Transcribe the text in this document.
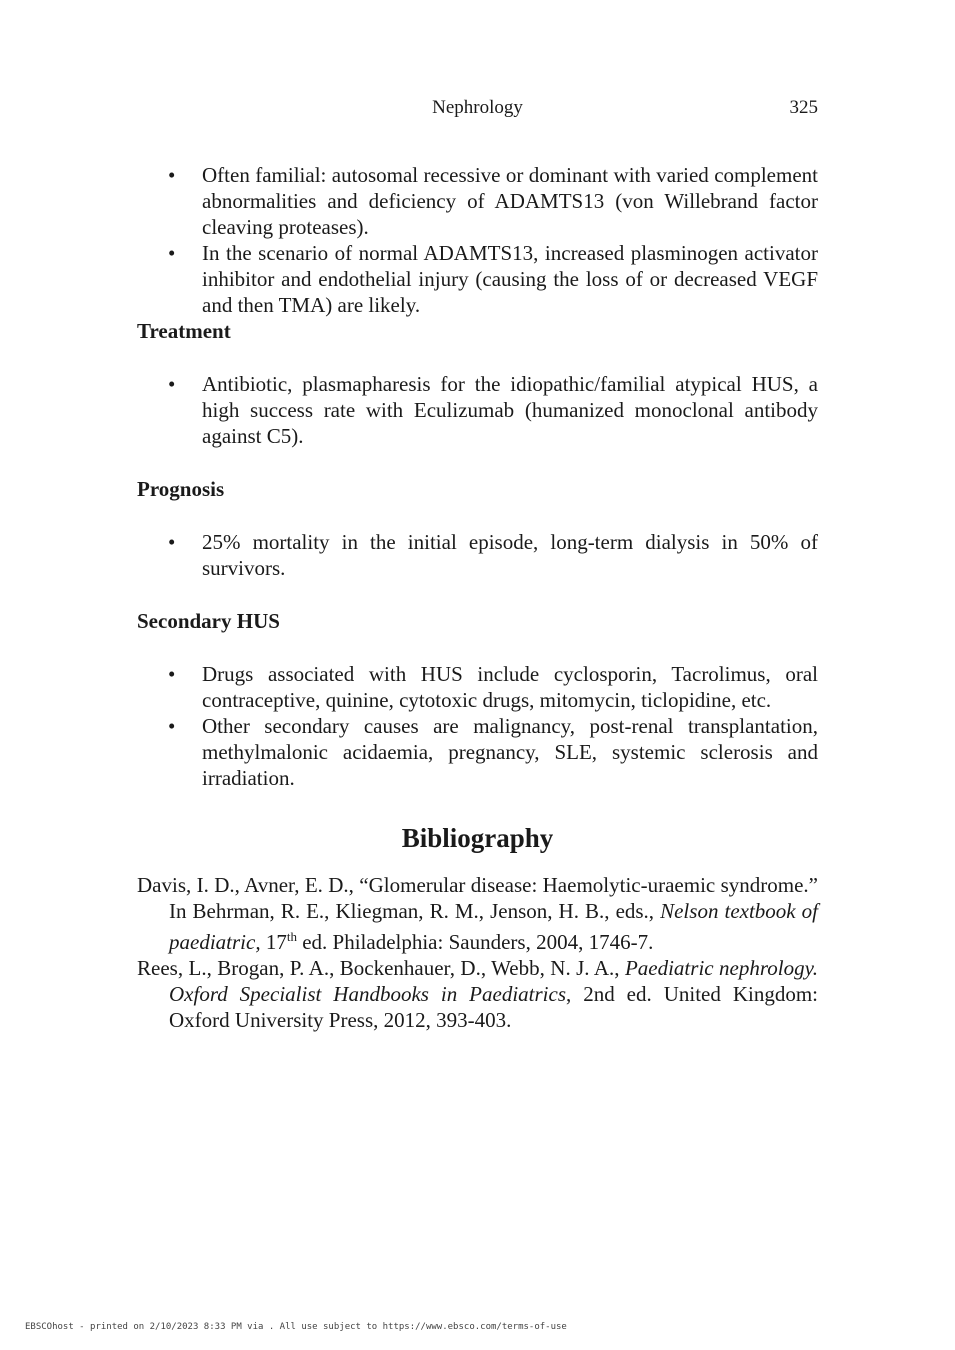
Nephrology	325
• Often familial: autosomal recessive or dominant with varied complement abnormalities and deficiency of ADAMTS13 (von Willebrand factor cleaving proteases).
• In the scenario of normal ADAMTS13, increased plasminogen activator inhibitor and endothelial injury (causing the loss of or decreased VEGF and then TMA) are likely.
Treatment
• Antibiotic, plasmapharesis for the idiopathic/familial atypical HUS, a high success rate with Eculizumab (humanized monoclonal antibody against C5).
Prognosis
• 25% mortality in the initial episode, long-term dialysis in 50% of survivors.
Secondary HUS
• Drugs associated with HUS include cyclosporin, Tacrolimus, oral contraceptive, quinine, cytotoxic drugs, mitomycin, ticlopidine, etc.
• Other secondary causes are malignancy, post-renal transplantation, methylmalonic acidaemia, pregnancy, SLE, systemic sclerosis and irradiation.
Bibliography

Davis, I. D., Avner, E. D., “Glomerular disease: Haemolytic-uraemic syndrome.” In Behrman, R. E., Kliegman, R. M., Jenson, H. B., eds., Nelson textbook of paediatric, 17th ed. Philadelphia: Saunders, 2004, 1746-7.

Rees, L., Brogan, P. A., Bockenhauer, D., Webb, N. J. A., Paediatric nephrology. Oxford Specialist Handbooks in Paediatrics, 2nd ed. United Kingdom: Oxford University Press, 2012, 393-403.

EBSCOhost - printed on 2/10/2023 8:33 PM via . All use subject to https://www.ebsco.com/terms-of-use
